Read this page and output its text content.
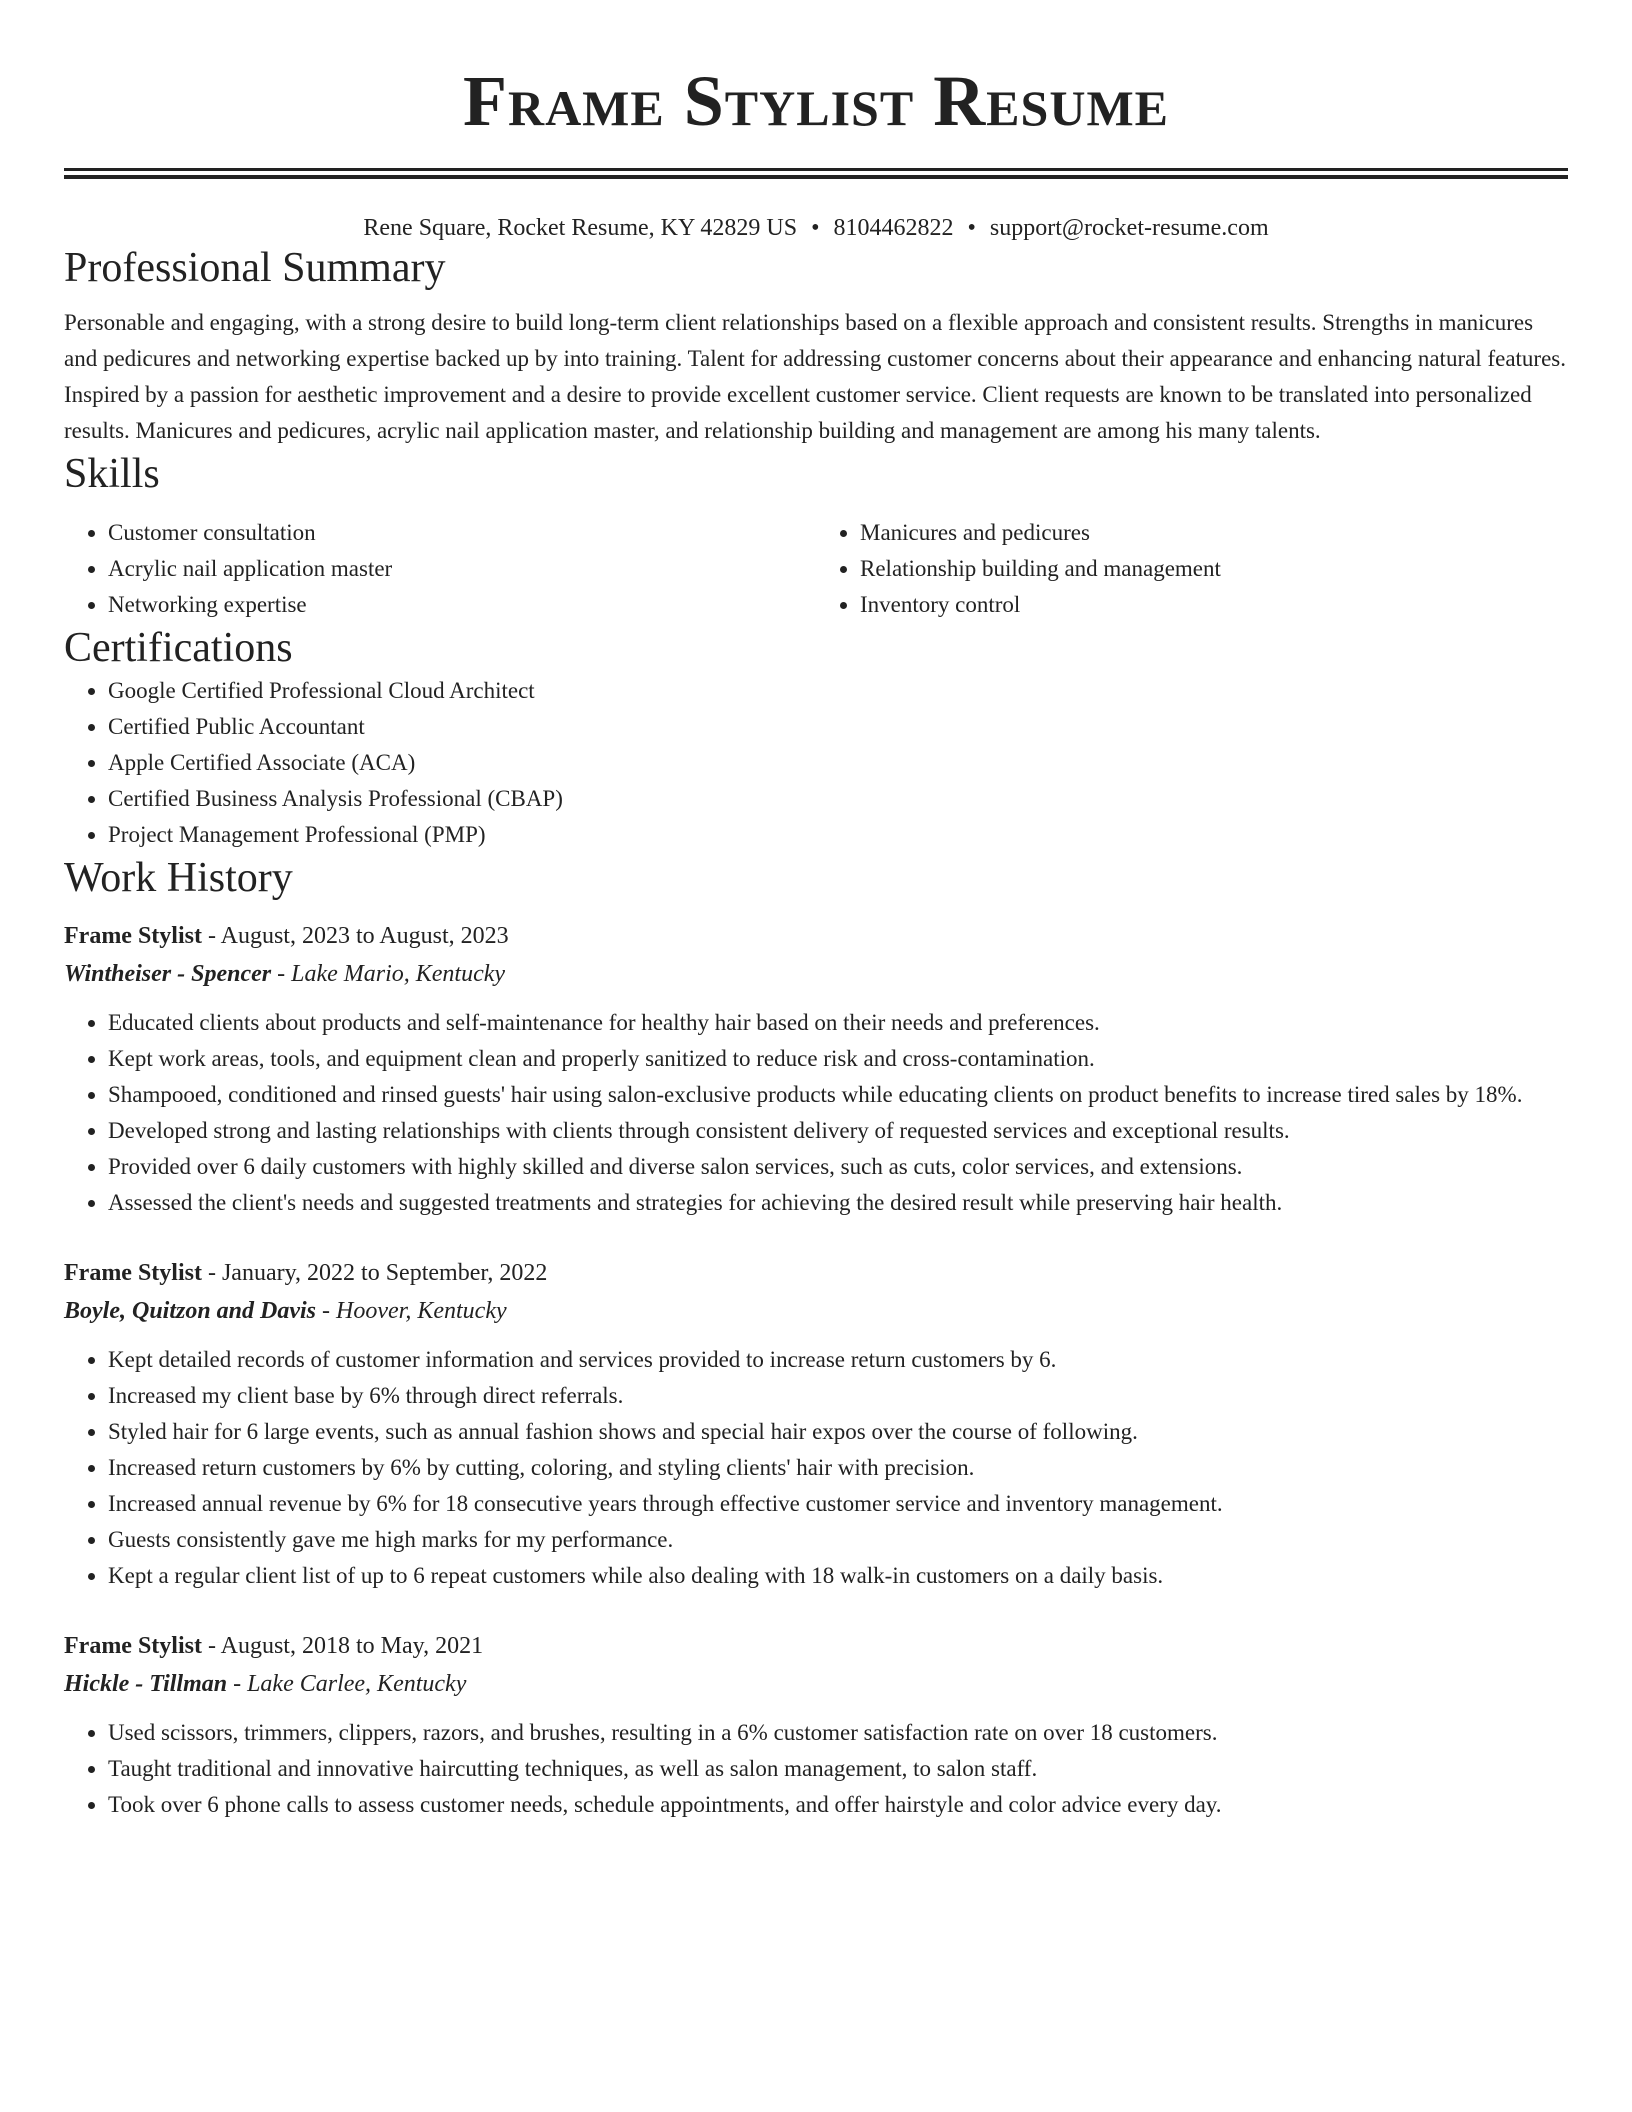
Frame Stylist Resume
Rene Square, Rocket Resume, KY 42829 US • 8104462822 • support@rocket-resume.com
Professional Summary
Personable and engaging, with a strong desire to build long-term client relationships based on a flexible approach and consistent results. Strengths in manicures and pedicures and networking expertise backed up by into training. Talent for addressing customer concerns about their appearance and enhancing natural features. Inspired by a passion for aesthetic improvement and a desire to provide excellent customer service. Client requests are known to be translated into personalized results. Manicures and pedicures, acrylic nail application master, and relationship building and management are among his many talents.
Skills
• Customer consultation
• Acrylic nail application master
• Networking expertise
• Manicures and pedicures
• Relationship building and management
• Inventory control
Certifications
• Google Certified Professional Cloud Architect
• Certified Public Accountant
• Apple Certified Associate (ACA)
• Certified Business Analysis Professional (CBAP)
• Project Management Professional (PMP)
Work History
Frame Stylist - August, 2023 to August, 2023
Wintheiser - Spencer - Lake Mario, Kentucky
• Educated clients about products and self-maintenance for healthy hair based on their needs and preferences.
• Kept work areas, tools, and equipment clean and properly sanitized to reduce risk and cross-contamination.
• Shampooed, conditioned and rinsed guests' hair using salon-exclusive products while educating clients on product benefits to increase tired sales by 18%.
• Developed strong and lasting relationships with clients through consistent delivery of requested services and exceptional results.
• Provided over 6 daily customers with highly skilled and diverse salon services, such as cuts, color services, and extensions.
• Assessed the client's needs and suggested treatments and strategies for achieving the desired result while preserving hair health.
Frame Stylist - January, 2022 to September, 2022
Boyle, Quitzon and Davis - Hoover, Kentucky
• Kept detailed records of customer information and services provided to increase return customers by 6.
• Increased my client base by 6% through direct referrals.
• Styled hair for 6 large events, such as annual fashion shows and special hair expos over the course of following.
• Increased return customers by 6% by cutting, coloring, and styling clients' hair with precision.
• Increased annual revenue by 6% for 18 consecutive years through effective customer service and inventory management.
• Guests consistently gave me high marks for my performance.
• Kept a regular client list of up to 6 repeat customers while also dealing with 18 walk-in customers on a daily basis.
Frame Stylist - August, 2018 to May, 2021
Hickle - Tillman - Lake Carlee, Kentucky
• Used scissors, trimmers, clippers, razors, and brushes, resulting in a 6% customer satisfaction rate on over 18 customers.
• Taught traditional and innovative haircutting techniques, as well as salon management, to salon staff.
• Took over 6 phone calls to assess customer needs, schedule appointments, and offer hairstyle and color advice every day.
